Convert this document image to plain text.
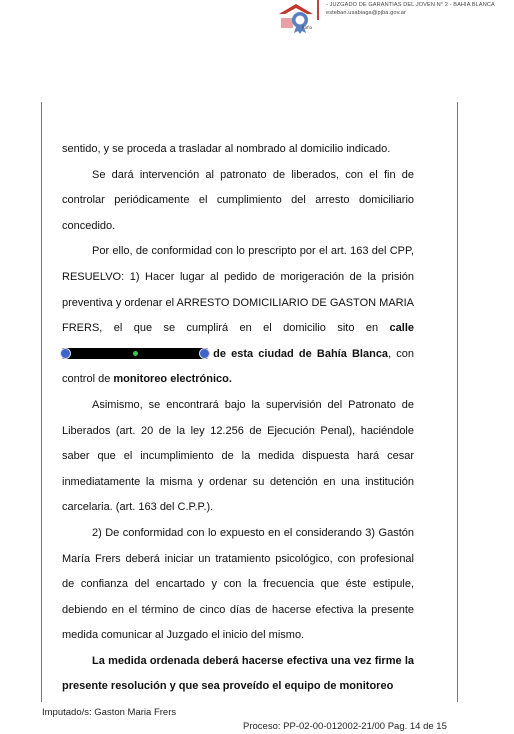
Rafia
- JUZGADO DE GARANTIAS DEL JOVEN N° 2 - BAHIA BLANCA
esteban.usabiaga@pjba.gov.ar

sentido, y se proceda a trasladar al nombrado al domicilio indicado.

Se dará intervención al patronato de liberados, con el fin de controlar periódicamente el cumplimiento del arresto domiciliario concedido.

Por ello, de conformidad con lo prescripto por el art. 163 del CPP, RESUELVO: 1) Hacer lugar al pedido de morigeración de la prisión preventiva y ordenar el ARRESTO DOMICILIARIO DE GASTON MARIA FRERS, el que se cumplirá en el domicilio sito en calle
de esta ciudad de Bahía Blanca, con control de monitoreo electrónico.

Asimismo, se encontrará bajo la supervisión del Patronato de Liberados (art. 20 de la ley 12.256 de Ejecución Penal), haciéndole saber que el incumplimiento de la medida dispuesta hará cesar inmediatamente la misma y ordenar su detención en una institución carcelaria. (art. 163 del C.P.P.).

2) De conformidad con lo expuesto en el considerando 3) Gastón María Frers deberá iniciar un tratamiento psicológico, con profesional de confianza del encartado y con la frecuencia que éste estipule, debiendo en el término de cinco días de hacerse efectiva la presente medida comunicar al Juzgado el inicio del mismo.

La medida ordenada deberá hacerse efectiva una vez firme la presente resolución y que sea proveído el equipo de monitoreo

Imputado/s: Gaston Maria Frers
Proceso: PP-02-00-012002-21/00 Pag. 14 de 15
